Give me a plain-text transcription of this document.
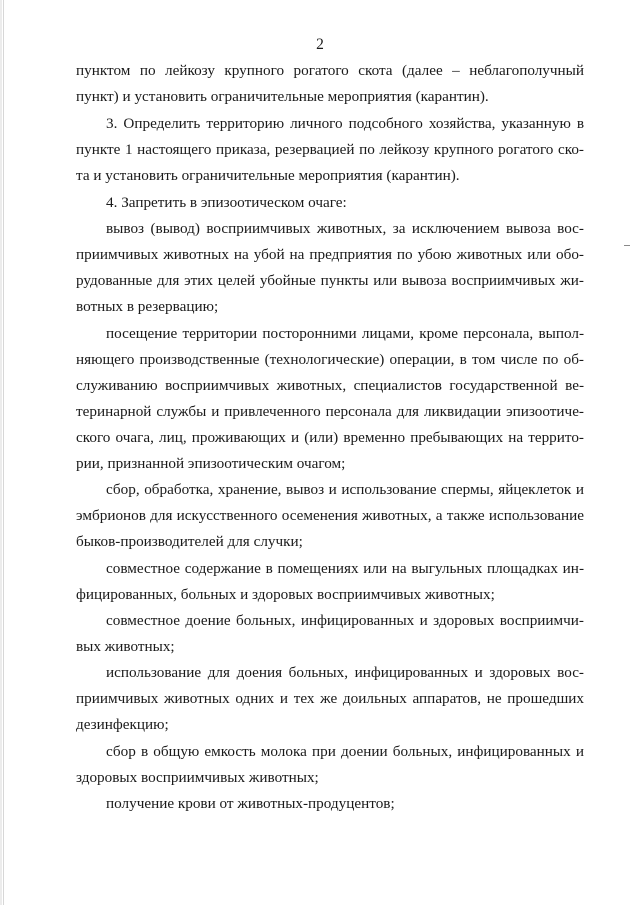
2
пунктом по лейкозу крупного рогатого скота (далее – неблагополучный
пункт) и установить ограничительные мероприятия (карантин).
3. Определить территорию личного подсобного хозяйства, указанную в
пункте 1 настоящего приказа, резервацией по лейкозу крупного рогатого ско-
та и установить ограничительные мероприятия (карантин).
4. Запретить в эпизоотическом очаге:
вывоз (вывод) восприимчивых животных, за исключением вывоза вос-
приимчивых животных на убой на предприятия по убою животных или обо-
рудованные для этих целей убойные пункты или вывоза восприимчивых жи-
вотных в резервацию;
посещение территории посторонними лицами, кроме персонала, выпол-
няющего производственные (технологические) операции, в том числе по об-
служиванию восприимчивых животных, специалистов государственной ве-
теринарной службы и привлеченного персонала для ликвидации эпизоотиче-
ского очага, лиц, проживающих и (или) временно пребывающих на террито-
рии, признанной эпизоотическим очагом;
сбор, обработка, хранение, вывоз и использование спермы, яйцеклеток и
эмбрионов для искусственного осеменения животных, а также использование
быков-производителей для случки;
совместное содержание в помещениях или на выгульных площадках ин-
фицированных, больных и здоровых восприимчивых животных;
совместное доение больных, инфицированных и здоровых восприимчи-
вых животных;
использование для доения больных, инфицированных и здоровых вос-
приимчивых животных одних и тех же доильных аппаратов, не прошедших
дезинфекцию;
сбор в общую емкость молока при доении больных, инфицированных и
здоровых восприимчивых животных;
получение крови от животных-продуцентов;
